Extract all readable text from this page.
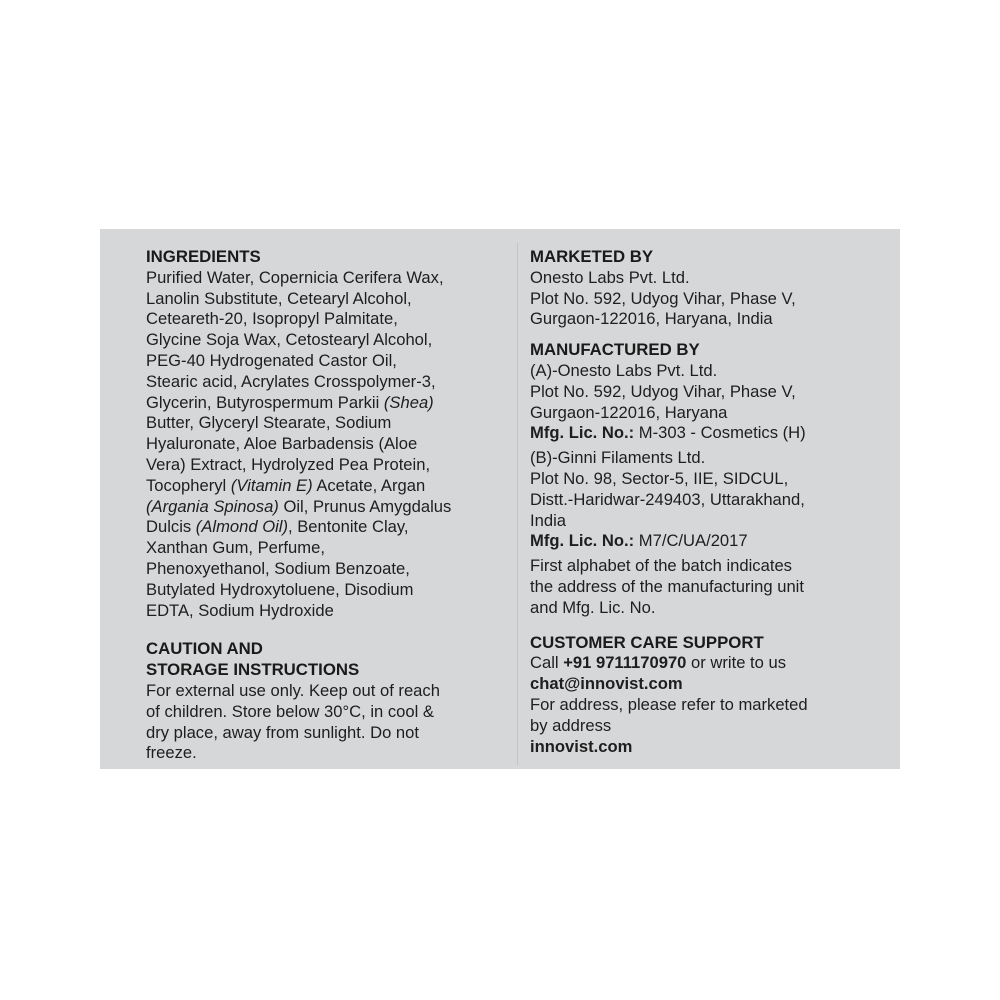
INGREDIENTS
Purified Water, Copernicia Cerifera Wax,
Lanolin Substitute, Cetearyl Alcohol,
Ceteareth-20, Isopropyl Palmitate,
Glycine Soja Wax, Cetostearyl Alcohol,
PEG-40 Hydrogenated Castor Oil,
Stearic acid, Acrylates Crosspolymer-3,
Glycerin, Butyrospermum Parkii (Shea)
Butter, Glyceryl Stearate, Sodium
Hyaluronate, Aloe Barbadensis (Aloe
Vera) Extract, Hydrolyzed Pea Protein,
Tocopheryl (Vitamin E) Acetate, Argan
(Argania Spinosa) Oil, Prunus Amygdalus
Dulcis (Almond Oil), Bentonite Clay,
Xanthan Gum, Perfume,
Phenoxyethanol, Sodium Benzoate,
Butylated Hydroxytoluene, Disodium
EDTA, Sodium Hydroxide
CAUTION AND
STORAGE INSTRUCTIONS
For external use only. Keep out of reach
of children. Store below 30°C, in cool &
dry place, away from sunlight. Do not
freeze.
MARKETED BY
Onesto Labs Pvt. Ltd.
Plot No. 592, Udyog Vihar, Phase V,
Gurgaon-122016, Haryana, India
MANUFACTURED BY
(A)-Onesto Labs Pvt. Ltd.
Plot No. 592, Udyog Vihar, Phase V,
Gurgaon-122016, Haryana
Mfg. Lic. No.: M-303 - Cosmetics (H)
(B)-Ginni Filaments Ltd.
Plot No. 98, Sector-5, IIE, SIDCUL,
Distt.-Haridwar-249403, Uttarakhand,
India
Mfg. Lic. No.: M7/C/UA/2017
First alphabet of the batch indicates
the address of the manufacturing unit
and Mfg. Lic. No.
CUSTOMER CARE SUPPORT
Call +91 9711170970 or write to us
chat@innovist.com
For address, please refer to marketed
by address
innovist.com
